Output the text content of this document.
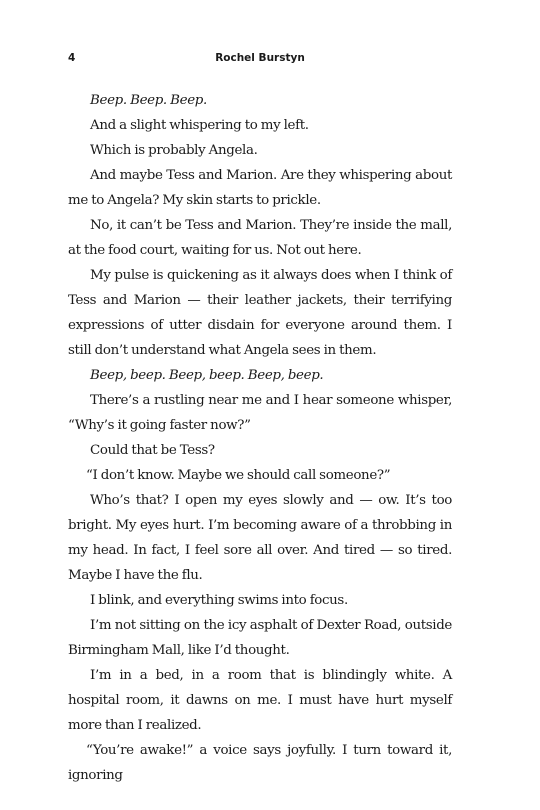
4	Rochel Burstyn

Beep. Beep. Beep.

And a slight whispering to my left.

Which is probably Angela.

And maybe Tess and Marion. Are they whispering about me to Angela? My skin starts to prickle.

No, it can’t be Tess and Marion. They’re inside the mall, at the food court, waiting for us. Not out here.

My pulse is quickening as it always does when I think of Tess and Marion — their leather jackets, their terrifying expressions of utter disdain for everyone around them. I still don’t understand what Angela sees in them.

Beep, beep. Beep, beep. Beep, beep.

There’s a rustling near me and I hear someone whisper, “Why’s it going faster now?”

Could that be Tess?

“I don’t know. Maybe we should call someone?”

Who’s that? I open my eyes slowly and — ow. It’s too bright. My eyes hurt. I’m becoming aware of a throbbing in my head. In fact, I feel sore all over. And tired — so tired. Maybe I have the flu.

I blink, and everything swims into focus.

I’m not sitting on the icy asphalt of Dexter Road, outside Birmingham Mall, like I’d thought.

I’m in a bed, in a room that is blindingly white. A hospital room, it dawns on me. I must have hurt myself more than I realized.

“You’re awake!” a voice says joyfully. I turn toward it, ignoring
